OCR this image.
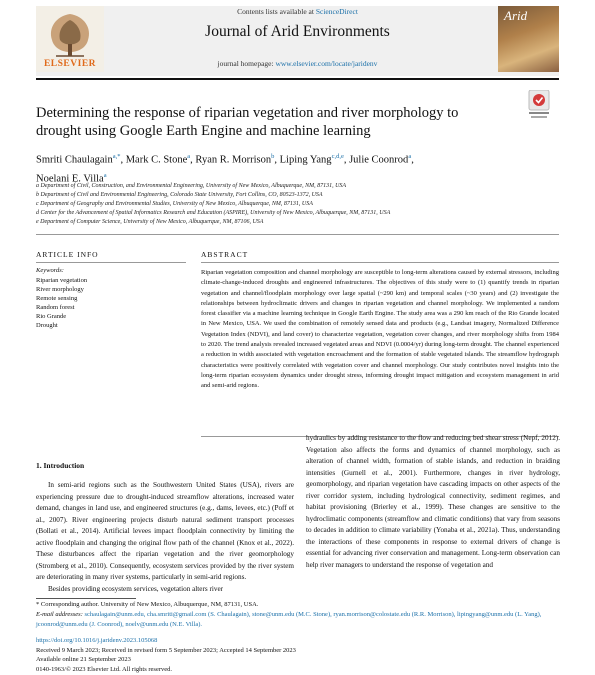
Contents lists available at ScienceDirect
Journal of Arid Environments
journal homepage: www.elsevier.com/locate/jaridenv
ELSEVIER
Arid
Determining the response of riparian vegetation and river morphology to drought using Google Earth Engine and machine learning
Smriti Chaulagain$^{a,*}$, Mark C. Stone$^a$, Ryan R. Morrison$^b$, Liping Yang$^{c,d,e}$, Julie Coonrod$^a$,
Noelani E. Villa$^a$
a Department of Civil, Construction, and Environmental Engineering, University of New Mexico, Albuquerque, NM, 87131, USA
b Department of Civil and Environmental Engineering, Colorado State University, Fort Collins, CO, 80523-1372, USA
c Department of Geography and Environmental Studies, University of New Mexico, Albuquerque, NM, 87131, USA
d Center for the Advancement of Spatial Informatics Research and Education (ASPIRE), University of New Mexico, Albuquerque, NM, 87131, USA
e Department of Computer Science, University of New Mexico, Albuquerque, NM, 87106, USA
ARTICLE INFO
Keywords:
Riparian vegetation
River morphology
Remote sensing
Random forest
Rio Grande
Drought
ABSTRACT
Riparian vegetation composition and channel morphology are susceptible to long-term alterations caused by external stressors, including climate-change-induced droughts and engineered infrastructures. The objectives of this study were to (1) quantify trends in riparian vegetation and channel/floodplain morphology over large spatial (~290 km) and temporal scales (~30 years) and (2) investigate the relationships between hydroclimatic drivers and changes in riparian vegetation and channel morphology. We implemented a random forest classifier via a machine learning technique in Google Earth Engine. The study area was a 290 km reach of the Rio Grande located in New Mexico, USA. We used the combination of remotely sensed data and products (e.g., Landsat imagery, Normalized Difference Vegetation Index (NDVI), and land cover) to characterize vegetation, vegetation cover changes, and river morphology shifts from 1984 to 2020. The trend analysis revealed increased vegetated areas and NDVI (0.0004/yr) during long-term drought. The channel experienced a reduction in width associated with vegetation encroachment and the formation of stable vegetated islands. The streamflow hydrograph characteristics were positively correlated with vegetation cover and channel morphology. Our study contributes novel insights into the long-term riparian ecosystem dynamics under drought stress, informing drought impact mitigation and ecosystem management in arid and semi-arid regions.
1. Introduction

In semi-arid regions such as the Southwestern United States (USA), rivers are experiencing pressure due to drought-induced streamflow alterations, increased water demand, changes in land use, and engineered structures (e.g., dams, levees, etc.) (Poff et al., 2007). River engineering projects disturb natural sediment transport processes (Bollati et al., 2014). Artificial levees impact floodplain connectivity by limiting the active floodplain and changing the original flow path of the channel (Knox et al., 2022). These disturbances affect the riparian vegetation and the river geomorphology (Stromberg et al., 2010). Consequently, ecosystem services provided by the river system are deteriorating in many river systems, particularly in semi-arid regions.

Besides providing ecosystem services, vegetation alters river

hydraulics by adding resistance to the flow and reducing bed shear stress (Nepf, 2012). Vegetation also affects the forms and dynamics of channel morphology, such as alteration of channel width, formation of stable islands, and reduction in braiding intensities (Gurnell et al., 2001). Furthermore, changes in river hydrology, geomorphology, and riparian vegetation have cascading impacts on other aspects of the river corridor system, including hydrological connectivity, sediment regimes, and habitat provisioning (Brierley et al., 1999). These changes are sensitive to the hydroclimatic components (streamflow and climatic conditions) that vary from seasons to decades in addition to climate variability (Yonaba et al., 2021a). Thus, understanding the interactions of these components in response to external drivers of change is essential for advancing river conservation and management. Long-term observation can help river managers to understand the response of vegetation and

* Corresponding author. University of New Mexico, Albuquerque, NM, 87131, USA.
E-mail addresses: schaulagain@unm.edu, cha.smriti@gmail.com (S. Chaulagain), stone@unm.edu (M.C. Stone), ryan.morrison@colostate.edu (R.R. Morrison), lipingyang@unm.edu (L. Yang), jcoonrod@unm.edu (J. Coonrod), noelv@unm.edu (N.E. Villa).
https://doi.org/10.1016/j.jaridenv.2023.105068
Received 9 March 2023; Received in revised form 5 September 2023; Accepted 14 September 2023
Available online 21 September 2023
0140-1963/© 2023 Elsevier Ltd. All rights reserved.
